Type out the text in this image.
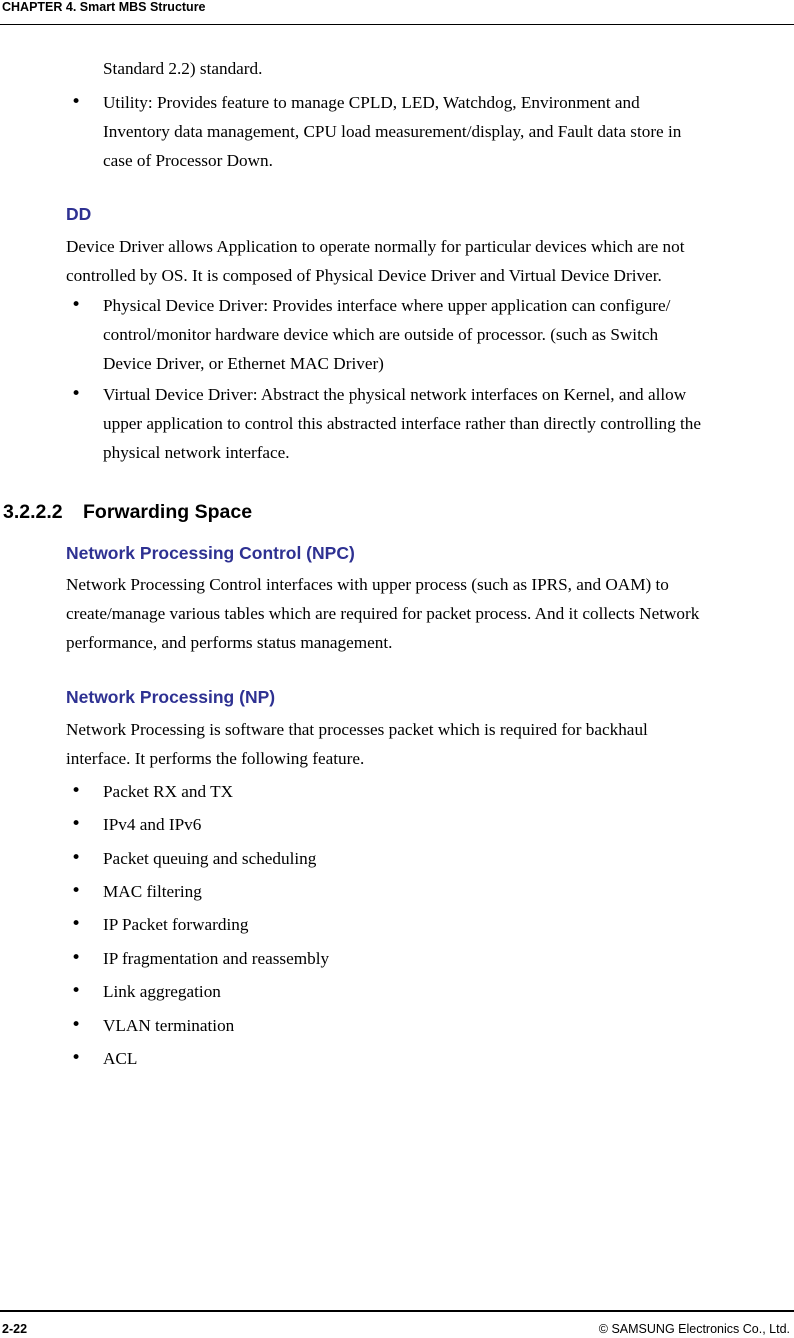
CHAPTER 4. Smart MBS Structure

Standard 2.2) standard.

• Utility: Provides feature to manage CPLD, LED, Watchdog, Environment and
Inventory data management, CPU load measurement/display, and Fault data store in
case of Processor Down.

DD

Device Driver allows Application to operate normally for particular devices which are not
controlled by OS. It is composed of Physical Device Driver and Virtual Device Driver.

• Physical Device Driver: Provides interface where upper application can configure/
control/monitor hardware device which are outside of processor. (such as Switch
Device Driver, or Ethernet MAC Driver)

• Virtual Device Driver: Abstract the physical network interfaces on Kernel, and allow
upper application to control this abstracted interface rather than directly controlling the
physical network interface.

3.2.2.2 Forwarding Space
Network Processing Control (NPC)

Network Processing Control interfaces with upper process (such as IPRS, and OAM) to
create/manage various tables which are required for packet process. And it collects Network
performance, and performs status management.

Network Processing (NP)

Network Processing is software that processes packet which is required for backhaul
interface. It performs the following feature.

• Packet RX and TX

• IPv4 and IPv6

• Packet queuing and scheduling

• MAC filtering

• IP Packet forwarding

• IP fragmentation and reassembly

• Link aggregation

• VLAN termination

• ACL

2-22	© SAMSUNG Electronics Co., Ltd.
